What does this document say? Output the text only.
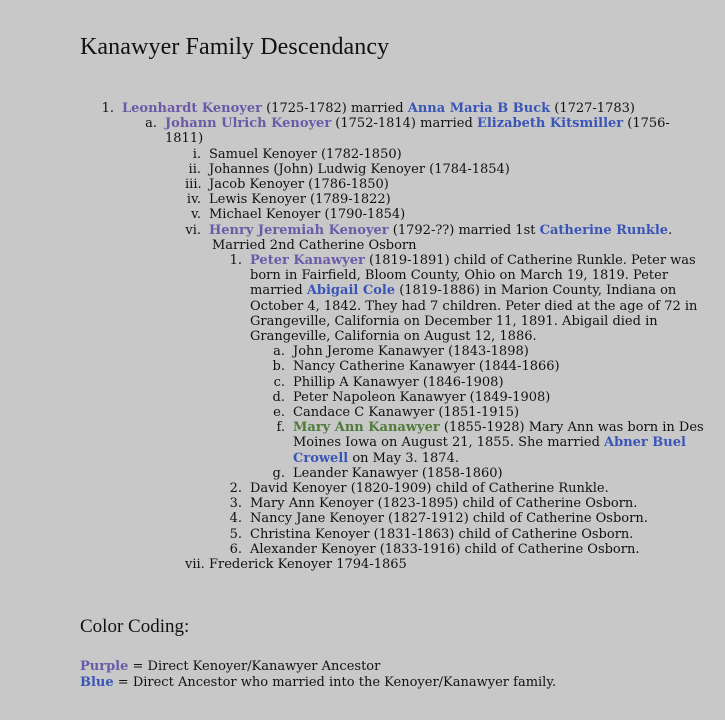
Kanawyer Family Descendancy
1. Leonhardt Kenoyer (1725-1782) married Anna Maria B Buck (1727-1783)
a. Johann Ulrich Kenoyer (1752-1814) married Elizabeth Kitsmiller (1756-1811)
i. Samuel Kenoyer (1782-1850)
ii. Johannes (John) Ludwig Kenoyer (1784-1854)
iii. Jacob Kenoyer (1786-1850)
iv. Lewis Kenoyer (1789-1822)
v. Michael Kenoyer (1790-1854)
vi. Henry Jeremiah Kenoyer (1792-??) married 1st Catherine Runkle.
Married 2nd Catherine Osborn
1. Peter Kanawyer (1819-1891) child of Catherine Runkle. Peter was born in Fairfield, Bloom County, Ohio on March 19, 1819. Peter married Abigail Cole (1819-1886) in Marion County, Indiana on October 4, 1842. They had 7 children. Peter died at the age of 72 in Grangeville, California on December 11, 1891. Abigail died in Grangeville, California on August 12, 1886.
a. John Jerome Kanawyer (1843-1898)
b. Nancy Catherine Kanawyer (1844-1866)
c. Phillip A Kanawyer (1846-1908)
d. Peter Napoleon Kanawyer (1849-1908)
e. Candace C Kanawyer (1851-1915)
f. Mary Ann Kanawyer (1855-1928) Mary Ann was born in Des Moines Iowa on August 21, 1855. She married Abner Buel Crowell on May 3. 1874.
g. Leander Kanawyer (1858-1860)
2. David Kenoyer (1820-1909) child of Catherine Runkle.
3. Mary Ann Kenoyer (1823-1895) child of Catherine Osborn.
4. Nancy Jane Kenoyer (1827-1912) child of Catherine Osborn.
5. Christina Kenoyer (1831-1863) child of Catherine Osborn.
6. Alexander Kenoyer (1833-1916) child of Catherine Osborn.
vii. Frederick Kenoyer 1794-1865
Color Coding:
Purple = Direct Kenoyer/Kanawyer Ancestor
Blue = Direct Ancestor who married into the Kenoyer/Kanawyer family.
